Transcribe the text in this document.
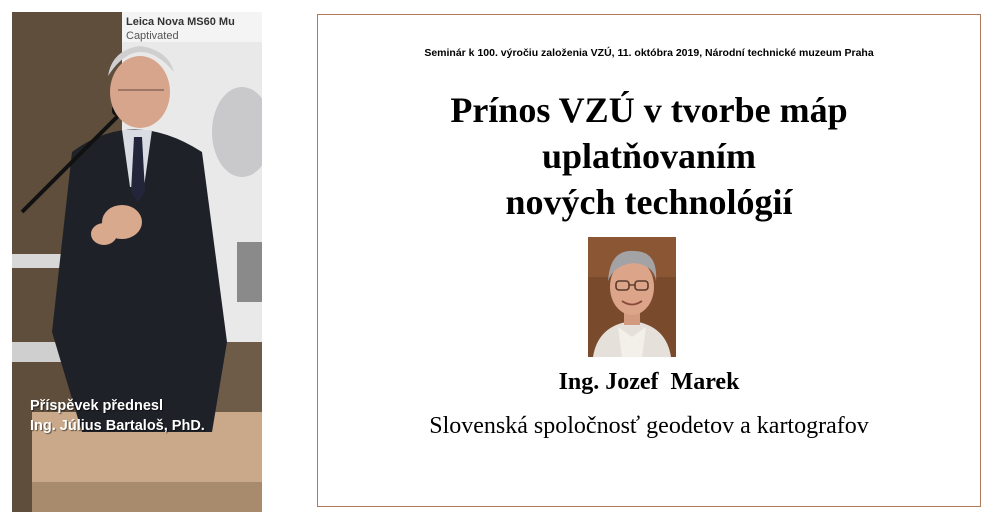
Leica Nova MS60 Mu
Captivated
Příspěvek přednesl
Ing. Július Bartaloš, PhD.
Seminár k 100. výročiu založenia VZÚ, 11. októbra 2019, Národní technické muzeum Praha
Prínos VZÚ v tvorbe máp
uplatňovaním
nových technológií
Ing. Jozef  Marek
Slovenská spoločnosť geodetov a kartografov
